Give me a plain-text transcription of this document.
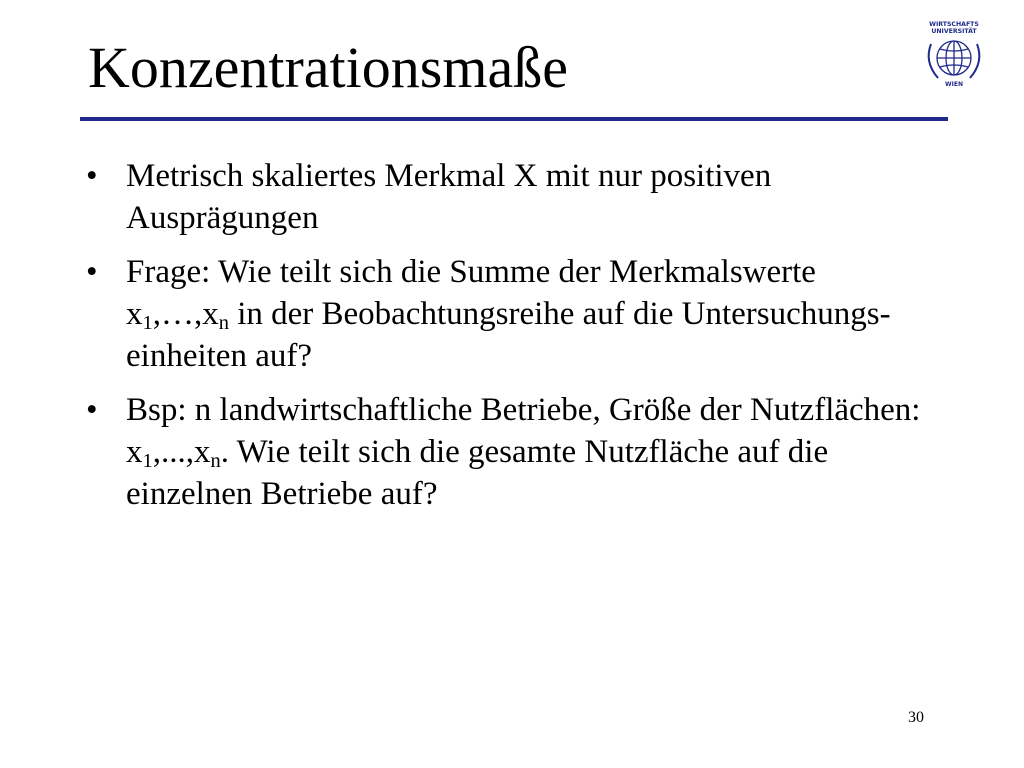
Konzentrationsmaße
WIRTSCHAFTS
UNIVERSITÄT
WIEN
• Metrisch skaliertes Merkmal X mit nur positiven Ausprägungen
• Frage: Wie teilt sich die Summe der Merkmalswerte $x_1,\dots,x_n$ in der Beobachtungsreihe auf die Untersuchungs-einheiten auf?
• Bsp: n landwirtschaftliche Betriebe, Größe der Nutzflächen: $x_1,...,x_n$. Wie teilt sich die gesamte Nutzfläche auf die einzelnen Betriebe auf?
30
